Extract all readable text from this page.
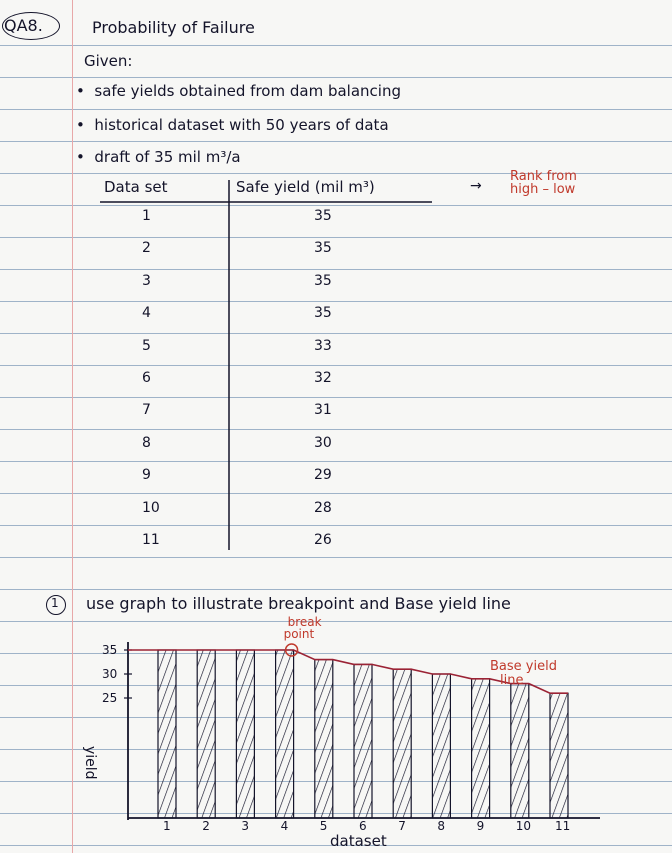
QA8.	Probability of Failure
Given:
•  safe yields obtained from dam balancing
•  historical dataset with 50 years of data
•  draft of 35 mil m³/a
Data set	Safe yield (mil m³)	→
Rank from
high – low
1	35
2	35
3	35
4	35
5	33
6	32
7	31
8	30
9	29
10	28
11	26
1 use graph to illustrate breakpoint and Base yield line
1	2	3	4	5	6	7	8	9	10 11
35
30
25
break
point
Base yield
line
dataset
yield
